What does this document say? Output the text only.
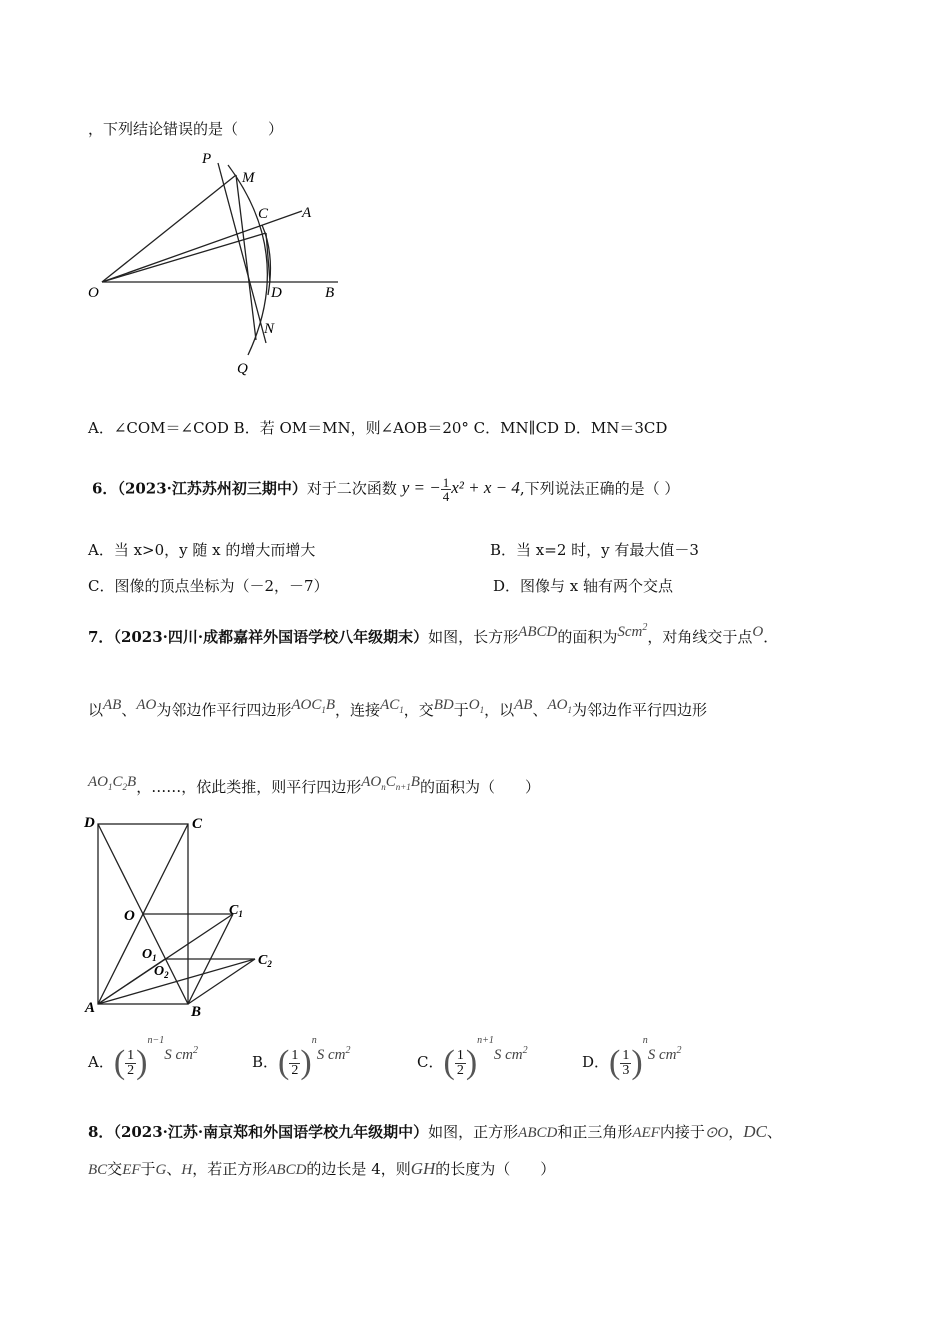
，下列结论错误的是（　　）
P
M
C A
O	D	B
N
Q
A．∠COM＝∠COD B．若 OM＝MN，则∠AOB＝20° C．MN∥CD D．MN＝3CD
6．（2023·江苏苏州初三期中）对于二次函数 y = − $\frac{1}{4} x^2 + x - 4$,下列说法正确的是（ ）
A．当 x>0，y 随 x 的增大而增大	B．当 x=2 时，y 有最大值－3
C．图像的顶点坐标为（－2，－7）	D．图像与 x 轴有两个交点
7．（2023·四川·成都嘉祥外国语学校八年级期末）如图，长方形$^{ABCD}$的面积为$^{Scm^2}$，对角线交于点$^O$．
以$^{AB}$、$^{AO}$为邻边作平行四边形$^{AOC_1B}$，连接$^{AC_1}$，交$^{BD}$于$^{O_1}$，以$^{AB}$、$^{AO_1}$为邻边作平行四边形
$^{AO_1C_2B}$，……，依此类推，则平行四边形$^{AO_nC_{n+1}B}$的面积为（　　）
D	C
O	$C_1$
$O_1$
$O_2$
$C_2$
A	B
A．( $\frac{1}{2} )^{n-1}S$ $cm^2$
B．( $\frac{1}{2} )^nS$ $cm^2$
C．( $\frac{1}{2} )^{n+1}S$ $cm^2$
D．( $\frac{1}{3} )^nS$ $cm^2$
8．（2023·江苏·南京郑和外国语学校九年级期中）如图，正方形ABCD和正三角形AEF内接于⊙O，DC、
BC交EF于G、H，若正方形ABCD的边长是 4，则GH的长度为（　　）
